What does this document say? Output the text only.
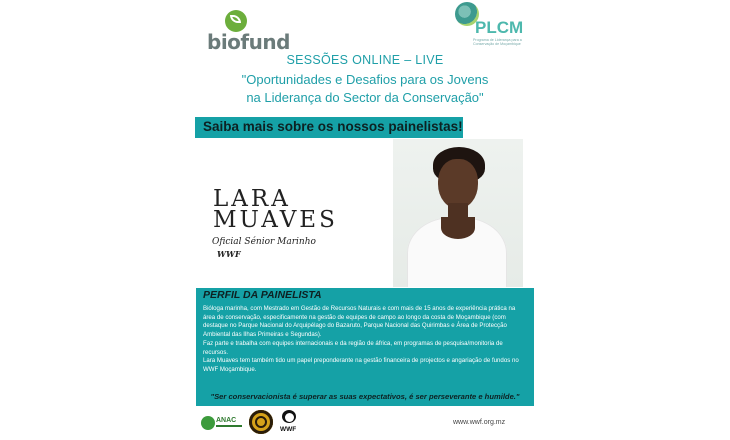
biofund
PLCM
Programa de Liderança para a Conservação de Moçambique
SESSÕES ONLINE – LIVE
"Oportunidades e Desafios para os Jovens
na Liderança do Sector da Conservação"
Saiba mais sobre os nossos painelistas!
LARA
MUAVES
Oficial Sénior Marinho
WWF
PERFIL DA PAINELISTA

Bióloga marinha, com Mestrado em Gestão de Recursos Naturais e com mais de 15 anos de experiência prática na área de conservação, especificamente na gestão de equipes de campo ao longo da costa de Moçambique (com destaque no Parque Nacional do Arquipélago do Bazaruto, Parque Nacional das Quirimbas e Área de Protecção Ambiental das Ilhas Primeiras e Segundas).

Faz parte e trabalha com equipes internacionais e da região de áfrica, em programas de pesquisa/monitoria de recursos.

Lara Muaves tem também tido um papel preponderante na gestão financeira de projectos e angariação de fundos no WWF Moçambique.

"Ser conservacionista é superar as suas expectativos, é ser perseverante e humilde."
ANAC
WWF
www.wwf.org.mz
